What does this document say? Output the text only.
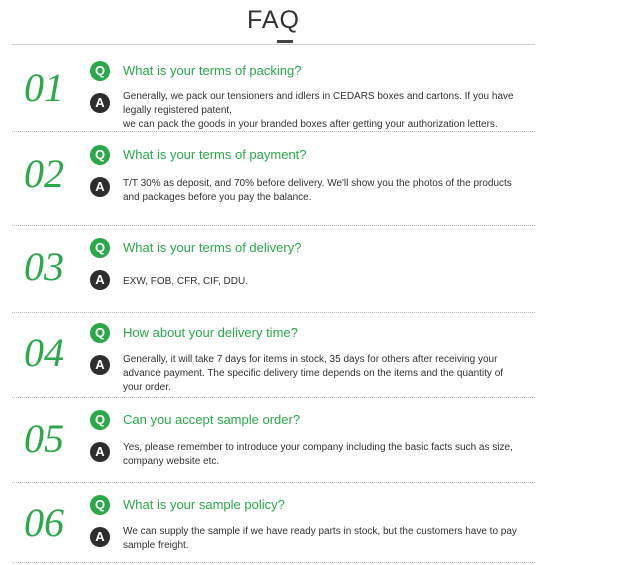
FAQ
01	Q	What is your terms of packing?
A	Generally, we pack our tensioners and idlers in CEDARS boxes and cartons. If you have legally registered patent,
we can pack the goods in your branded boxes after getting your authorization letters.
02	Q	What is your terms of payment?
A	T/T 30% as deposit, and 70% before delivery. We'll show you the photos of the products and packages before you pay the balance.
03	Q	What is your terms of delivery?
A	EXW, FOB, CFR, CIF, DDU.
04	Q	How about your delivery time?
A	Generally, it will take 7 days for items in stock, 35 days for others after receiving your advance payment. The specific delivery time depends on the items and the quantity of your order.
05	Q	Can you accept sample order?
A	Yes, please remember to introduce your company including the basic facts such as size, company website etc.
06	Q	What is your sample policy?
A	We can supply the sample if we have ready parts in stock, but the customers have to pay sample freight.
